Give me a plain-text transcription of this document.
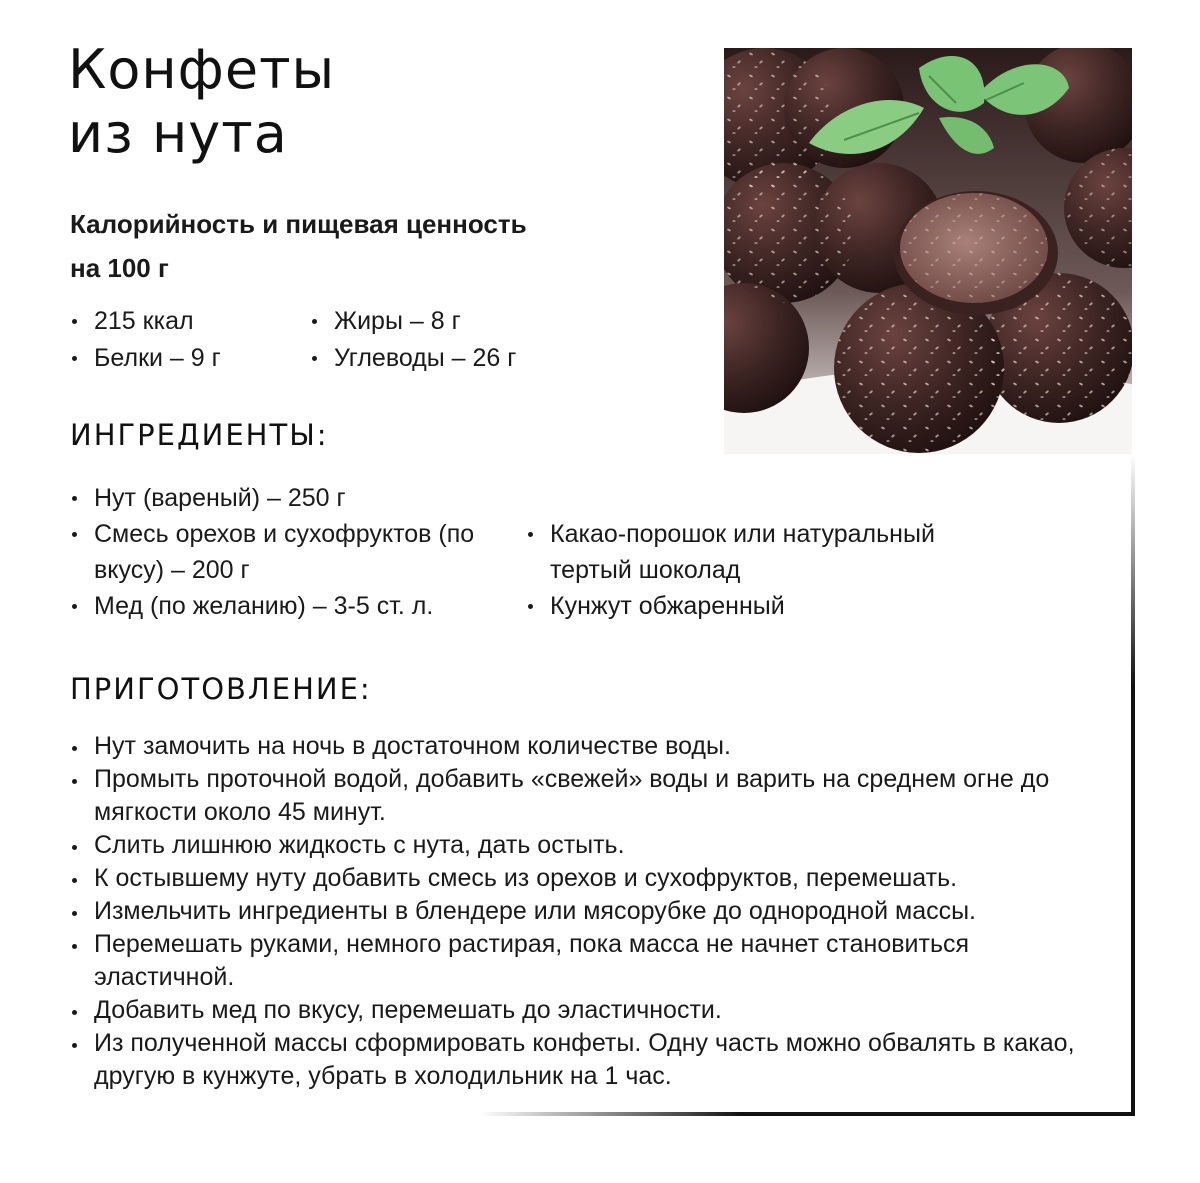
Конфеты
из нута
Калорийность и пищевая ценность
на 100 г
215 ккал
Белки – 9 г
Жиры – 8 г
Углеводы – 26 г
ИНГРЕДИЕНТЫ:
Нут (вареный) – 250 г
Смесь орехов и сухофруктов (по вкусу) – 200 г
Мед (по желанию) – 3-5 ст. л.
Какао-порошок или натуральный тертый шоколад
Кунжут обжаренный
ПРИГОТОВЛЕНИЕ:
Нут замочить на ночь в достаточном количестве воды.
Промыть проточной водой, добавить «свежей» воды и варить на среднем огне до мягкости около 45 минут.
Слить лишнюю жидкость с нута, дать остыть.
К остывшему нуту добавить смесь из орехов и сухофруктов, перемешать.
Измельчить ингредиенты в блендере или мясорубке до однородной массы.
Перемешать руками, немного растирая, пока масса не начнет становиться эластичной.
Добавить мед по вкусу, перемешать до эластичности.
Из полученной массы сформировать конфеты. Одну часть можно обвалять в какао, другую в кунжуте, убрать в холодильник на 1 час.
